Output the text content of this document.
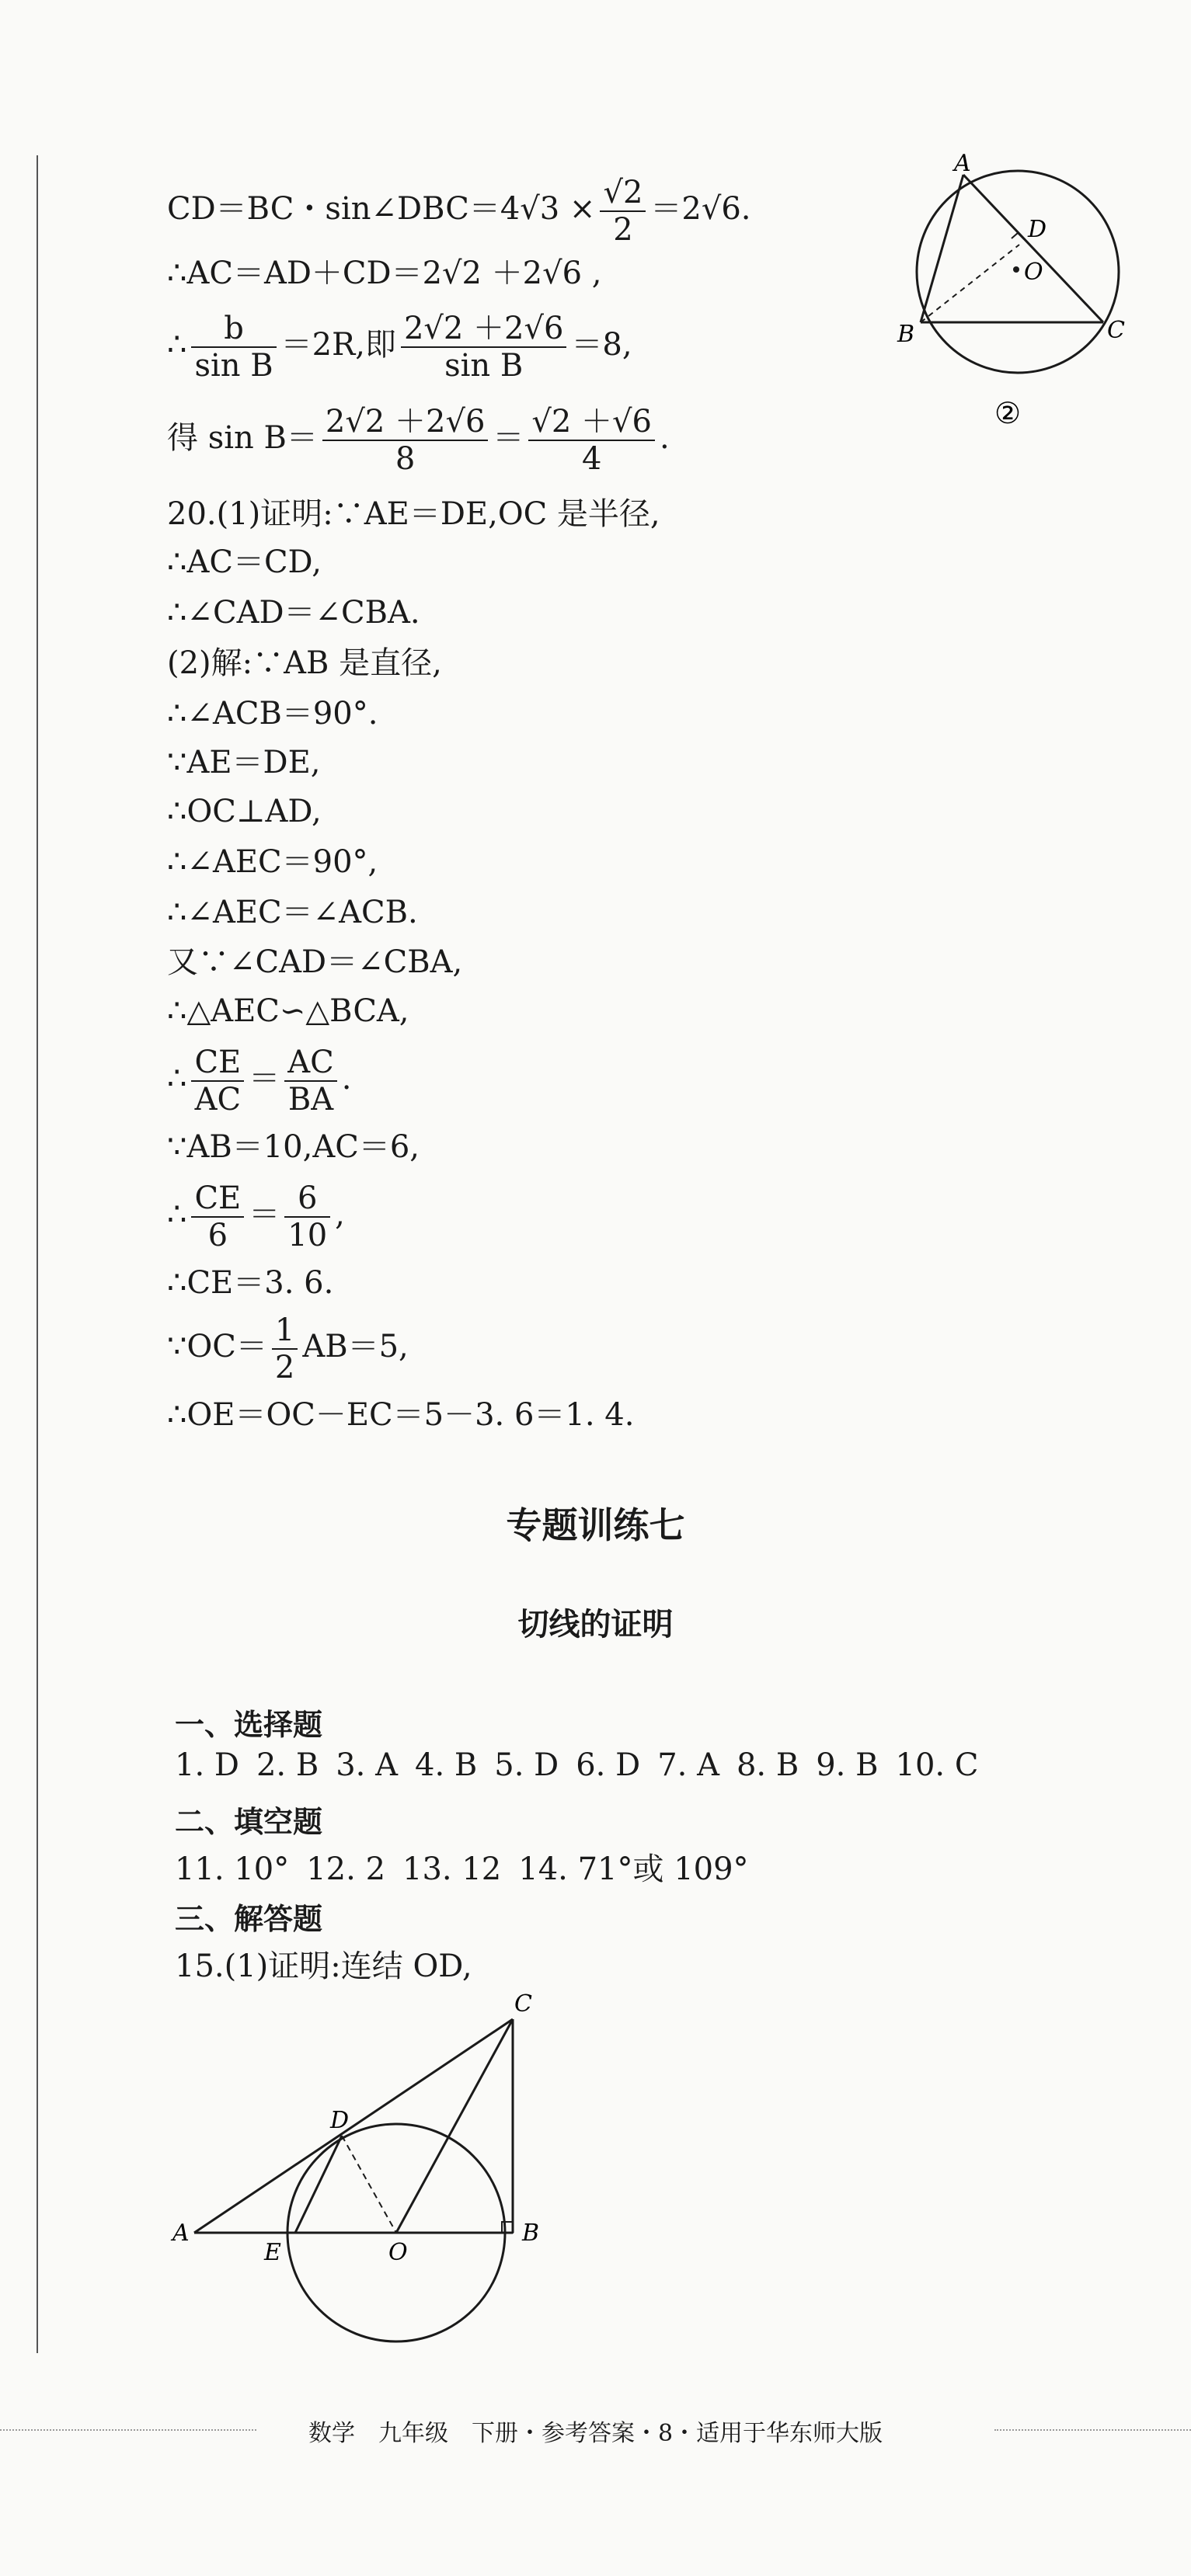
CD＝BC・sin∠DBC＝4√3 × $\frac{√2}{2} =2√6$.
∴AC＝AD＋CD＝2√2 ＋2√6 ,
∴ $\frac{b}{\text{sin B}} =2R$,即 $\frac{2√2 +2√6}{\text{sin B}} =8$,
得 $\sin B= \frac{2√2 +2√6}{8} = \frac{√2 +√6}{4}$ .
20.(1)证明:∵AE＝DE,OC 是半径,
∴AC＝CD,
∴∠CAD＝∠CBA.
(2)解:∵AB 是直径,
∴∠ACB＝90°.
∵AE＝DE,
∴OC⊥AD,
∴∠AEC＝90°,
∴∠AEC＝∠ACB.
又∵∠CAD＝∠CBA,
∴△AEC∽△BCA,
∴ $\frac{CE}{AC} = \frac{AC}{BA}$ .
∵AB＝10,AC＝6,
∴ $\frac{CE}{6} = \frac{6}{10}$ ,
∴CE＝3. 6.
∵OC＝ $\frac{1}{2} AB=5$,
∴OE＝OC－EC＝5－3. 6＝1. 4.
A
D
O
B	C
②
专题训练七
切线的证明
一、选择题
1. D 2. B 3. A 4. B 5. D 6. D 7. A 8. B 9. B 10. C
二、填空题
11. 10° 12. 2 13. 12 14. 71°或 109°
三、解答题
15.(1)证明:连结 OD,
C
D
A
E	O
B
数学　九年级　下册・参考答案・8・适用于华东师大版
